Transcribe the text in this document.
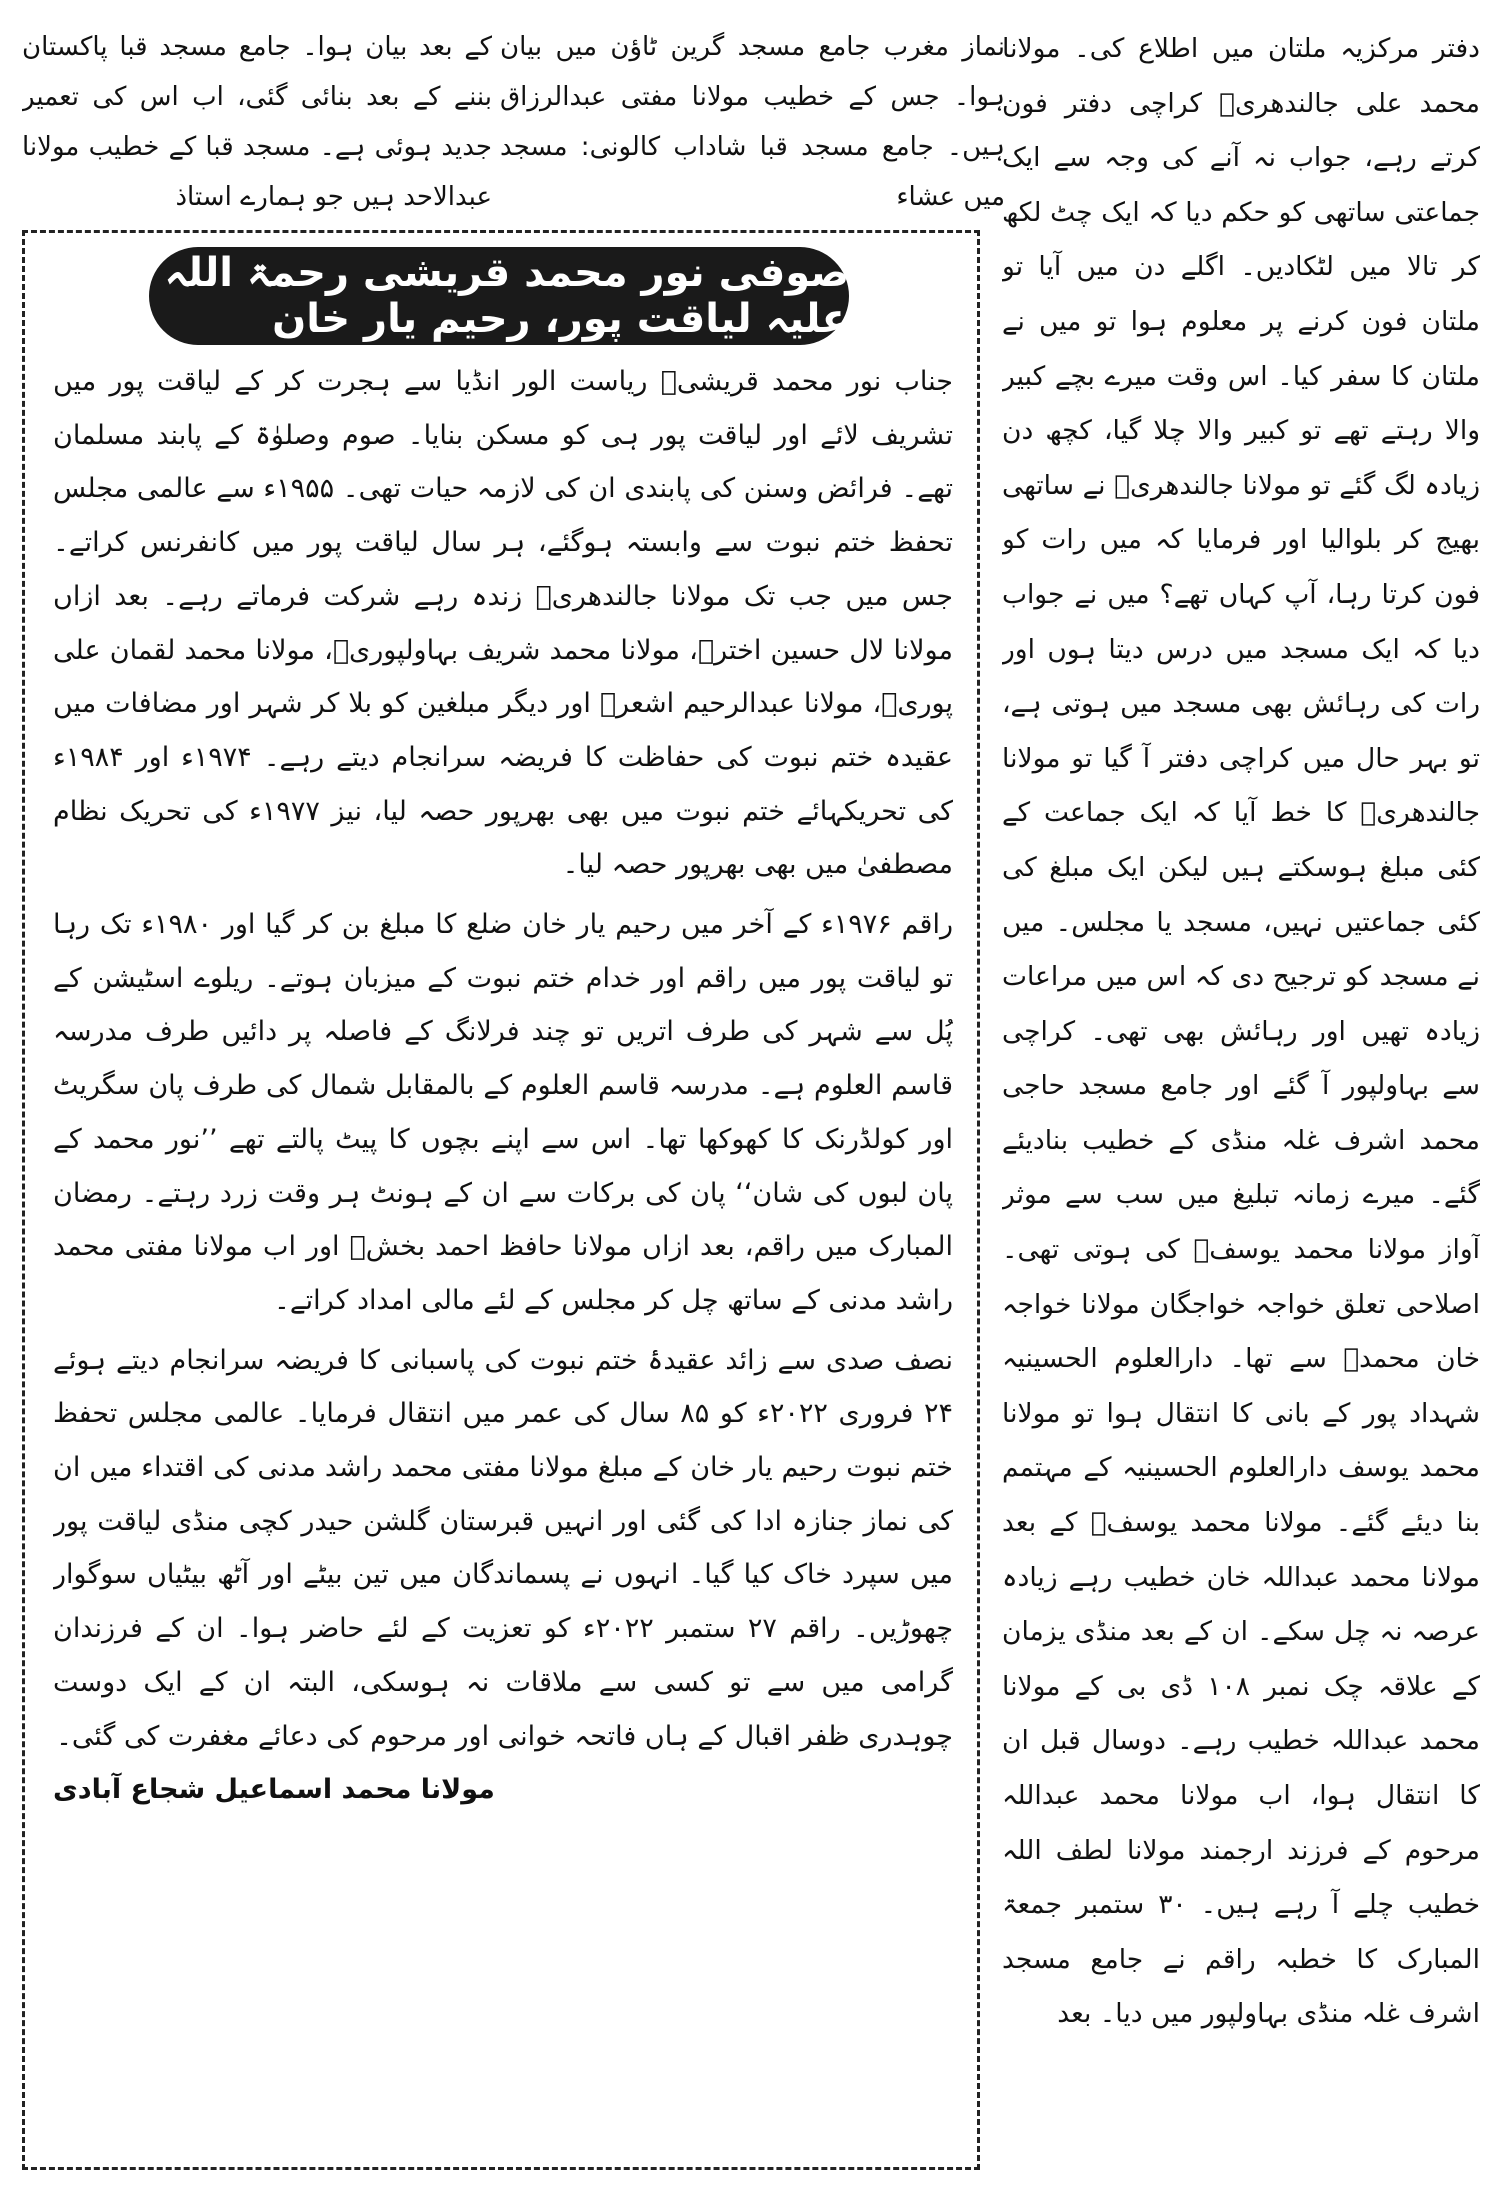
دفتر مرکزیہ ملتان میں اطلاع کی۔ مولانا محمد علی جالندھریؒ کراچی دفتر فون کرتے رہے، جواب نہ آنے کی وجہ سے ایک جماعتی ساتھی کو حکم دیا کہ ایک چٹ لکھ کر تالا میں لٹکادیں۔ اگلے دن میں آیا تو ملتان فون کرنے پر معلوم ہوا تو میں نے ملتان کا سفر کیا۔ اس وقت میرے بچے کبیر والا رہتے تھے تو کبیر والا چلا گیا، کچھ دن زیادہ لگ گئے تو مولانا جالندھریؒ نے ساتھی بھیج کر بلوالیا اور فرمایا کہ میں رات کو فون کرتا رہا، آپ کہاں تھے؟ میں نے جواب دیا کہ ایک مسجد میں درس دیتا ہوں اور رات کی رہائش بھی مسجد میں ہوتی ہے، تو بہر حال میں کراچی دفتر آ گیا تو مولانا جالندھریؒ کا خط آیا کہ ایک جماعت کے کئی مبلغ ہوسکتے ہیں لیکن ایک مبلغ کی کئی جماعتیں نہیں، مسجد یا مجلس۔ میں نے مسجد کو ترجیح دی کہ اس میں مراعات زیادہ تھیں اور رہائش بھی تھی۔ کراچی سے بہاولپور آ گئے اور جامع مسجد حاجی محمد اشرف غلہ منڈی کے خطیب بنادیئے گئے۔ میرے زمانہ تبلیغ میں سب سے موثر آواز مولانا محمد یوسفؒ کی ہوتی تھی۔ اصلاحی تعلق خواجہ خواجگان مولانا خواجہ خان محمدؒ سے تھا۔ دارالعلوم الحسینیہ شہداد پور کے بانی کا انتقال ہوا تو مولانا محمد یوسف دارالعلوم الحسینیہ کے مہتمم بنا دیئے گئے۔ مولانا محمد یوسفؒ کے بعد مولانا محمد عبداللہ خان خطیب رہے زیادہ عرصہ نہ چل سکے۔ ان کے بعد منڈی یزمان کے علاقہ چک نمبر ۱۰۸ ڈی بی کے مولانا محمد عبداللہ خطیب رہے۔ دوسال قبل ان کا انتقال ہوا، اب مولانا محمد عبداللہ مرحوم کے فرزند ارجمند مولانا لطف اللہ خطیب چلے آ رہے ہیں۔ ۳۰ ستمبر جمعۃ المبارک کا خطبہ راقم نے جامع مسجد اشرف غلہ منڈی بہاولپور میں دیا۔ بعد

نماز مغرب جامع مسجد گرین ٹاؤن میں بیان ہوا۔ جس کے خطیب مولانا مفتی عبدالرزاق ہیں۔ جامع مسجد قبا شاداب کالونی: مسجد میں عشاء

کے بعد بیان ہوا۔ جامع مسجد قبا پاکستان بننے کے بعد بنائی گئی، اب اس کی تعمیر جدید ہوئی ہے۔ مسجد قبا کے خطیب مولانا عبدالاحد ہیں جو ہمارے استاذ

صوفی نور محمد قریشی رحمۃ اللہ علیہ لیاقت پور، رحیم یار خان

جناب نور محمد قریشیؒ ریاست الور انڈیا سے ہجرت کر کے لیاقت پور میں تشریف لائے اور لیاقت پور ہی کو مسکن بنایا۔ صوم وصلوٰۃ کے پابند مسلمان تھے۔ فرائض وسنن کی پابندی ان کی لازمہ حیات تھی۔ ۱۹۵۵ء سے عالمی مجلس تحفظ ختم نبوت سے وابستہ ہوگئے، ہر سال لیاقت پور میں کانفرنس کراتے۔ جس میں جب تک مولانا جالندھریؒ زندہ رہے شرکت فرماتے رہے۔ بعد ازاں مولانا لال حسین اخترؒ، مولانا محمد شریف بہاولپوریؒ، مولانا محمد لقمان علی پوریؒ، مولانا عبدالرحیم اشعرؒ اور دیگر مبلغین کو بلا کر شہر اور مضافات میں عقیدہ ختم نبوت کی حفاظت کا فریضہ سرانجام دیتے رہے۔ ۱۹۷۴ء اور ۱۹۸۴ء کی تحریکہائے ختم نبوت میں بھی بھرپور حصہ لیا، نیز ۱۹۷۷ء کی تحریک نظام مصطفیٰ میں بھی بھرپور حصہ لیا۔

راقم ۱۹۷۶ء کے آخر میں رحیم یار خان ضلع کا مبلغ بن کر گیا اور ۱۹۸۰ء تک رہا تو لیاقت پور میں راقم اور خدام ختم نبوت کے میزبان ہوتے۔ ریلوے اسٹیشن کے پُل سے شہر کی طرف اتریں تو چند فرلانگ کے فاصلہ پر دائیں طرف مدرسہ قاسم العلوم ہے۔ مدرسہ قاسم العلوم کے بالمقابل شمال کی طرف پان سگریٹ اور کولڈرنک کا کھوکھا تھا۔ اس سے اپنے بچوں کا پیٹ پالتے تھے ’’نور محمد کے پان لبوں کی شان‘‘ پان کی برکات سے ان کے ہونٹ ہر وقت زرد رہتے۔ رمضان المبارک میں راقم، بعد ازاں مولانا حافظ احمد بخشؒ اور اب مولانا مفتی محمد راشد مدنی کے ساتھ چل کر مجلس کے لئے مالی امداد کراتے۔

نصف صدی سے زائد عقیدۂ ختم نبوت کی پاسبانی کا فریضہ سرانجام دیتے ہوئے ۲۴ فروری ۲۰۲۲ء کو ۸۵ سال کی عمر میں انتقال فرمایا۔ عالمی مجلس تحفظ ختم نبوت رحیم یار خان کے مبلغ مولانا مفتی محمد راشد مدنی کی اقتداء میں ان کی نماز جنازہ ادا کی گئی اور انہیں قبرستان گلشن حیدر کچی منڈی لیاقت پور میں سپرد خاک کیا گیا۔ انہوں نے پسماندگان میں تین بیٹے اور آٹھ بیٹیاں سوگوار چھوڑیں۔ راقم ۲۷ ستمبر ۲۰۲۲ء کو تعزیت کے لئے حاضر ہوا۔ ان کے فرزندان گرامی میں سے تو کسی سے ملاقات نہ ہوسکی، البتہ ان کے ایک دوست چوہدری ظفر اقبال کے ہاں فاتحہ خوانی اور مرحوم کی دعائے مغفرت کی گئی۔

مولانا محمد اسماعیل شجاع آبادی
